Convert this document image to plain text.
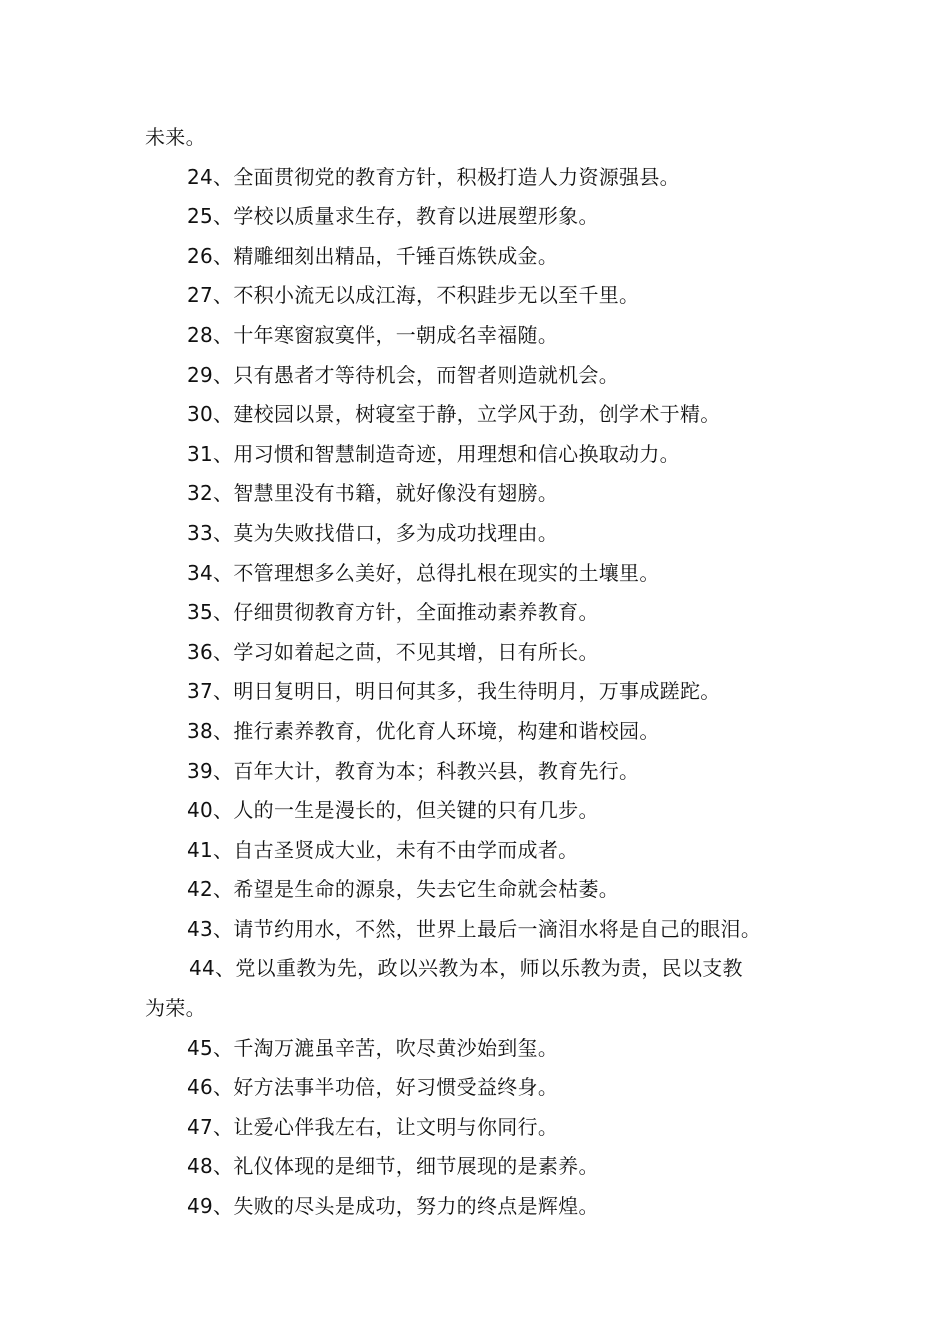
未来。
24、全面贯彻党的教育方针，积极打造人力资源强县。
25、学校以质量求生存，教育以进展塑形象。
26、精雕细刻出精品，千锤百炼铁成金。
27、不积小流无以成江海，不积跬步无以至千里。
28、十年寒窗寂寞伴，一朝成名幸福随。
29、只有愚者才等待机会，而智者则造就机会。
30、建校园以景，树寝室于静，立学风于劲，创学术于精。
31、用习惯和智慧制造奇迹，用理想和信心换取动力。
32、智慧里没有书籍，就好像没有翅膀。
33、莫为失败找借口，多为成功找理由。
34、不管理想多么美好，总得扎根在现实的土壤里。
35、仔细贯彻教育方针，全面推动素养教育。
36、学习如着起之茴，不见其增，日有所长。
37、明日复明日，明日何其多，我生待明月，万事成蹉跎。
38、推行素养教育，优化育人环境，构建和谐校园。
39、百年大计，教育为本；科教兴县，教育先行。
40、人的一生是漫长的，但关键的只有几步。
41、自古圣贤成大业，未有不由学而成者。
42、希望是生命的源泉，失去它生命就会枯萎。
43、请节约用水，不然，世界上最后一滴泪水将是自己的眼泪。
44、党以重教为先，政以兴教为本，师以乐教为责，民以支教
为荣。
45、千淘万漉虽辛苦，吹尽黄沙始到玺。
46、好方法事半功倍，好习惯受益终身。
47、让爱心伴我左右，让文明与你同行。
48、礼仪体现的是细节，细节展现的是素养。
49、失败的尽头是成功，努力的终点是辉煌。
